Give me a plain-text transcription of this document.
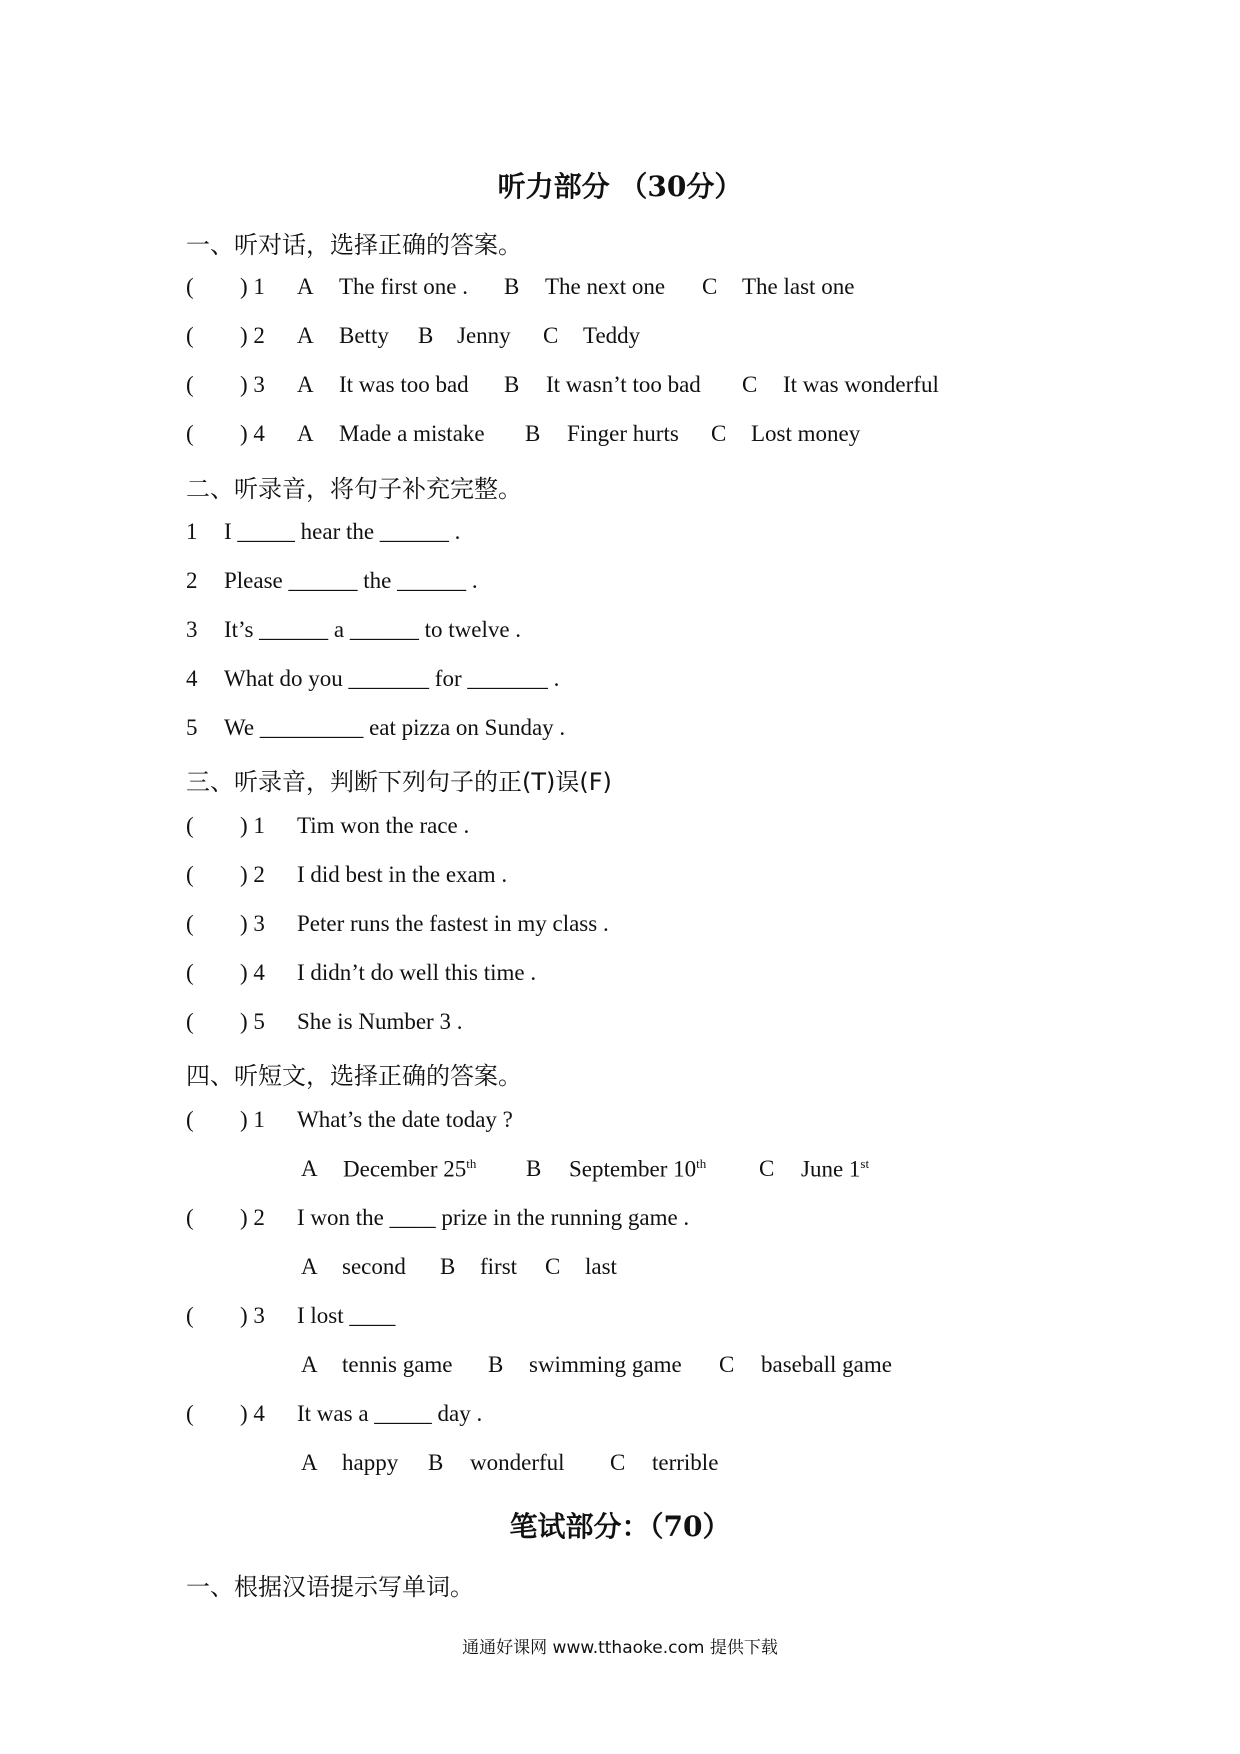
听力部分 （30分）
一、听对话，选择正确的答案。
( ) 1 A The first one . B The next one C The last one
( ) 2 A Betty B Jenny C Teddy
( ) 3 A It was too bad B It wasn’t too bad C It was wonderful
( ) 4 A Made a mistake B Finger hurts C Lost money
二、听录音，将句子补充完整。
1 I _____ hear the ______ .
2 Please ______ the ______ .
3 It’s ______ a ______ to twelve .
4 What do you _______ for _______ .
5 We _________ eat pizza on Sunday .
三、听录音，判断下列句子的正(T)误(F)
( ) 1 Tim won the race .
( ) 2 I did best in the exam .
( ) 3 Peter runs the fastest in my class .
( ) 4 I didn’t do well this time .
( ) 5 She is Number 3 .
四、听短文，选择正确的答案。
( ) 1 What’s the date today ?
A December 25th B September 10th C June 1st
( ) 2 I won the ____ prize in the running game .
A second B first C last
( ) 3 I lost ____
A tennis game B swimming game C baseball game
( ) 4 It was a _____ day .
A happy B wonderful C terrible
笔试部分：（70）
一、根据汉语提示写单词。
通通好课网 www.tthaoke.com 提供下载
